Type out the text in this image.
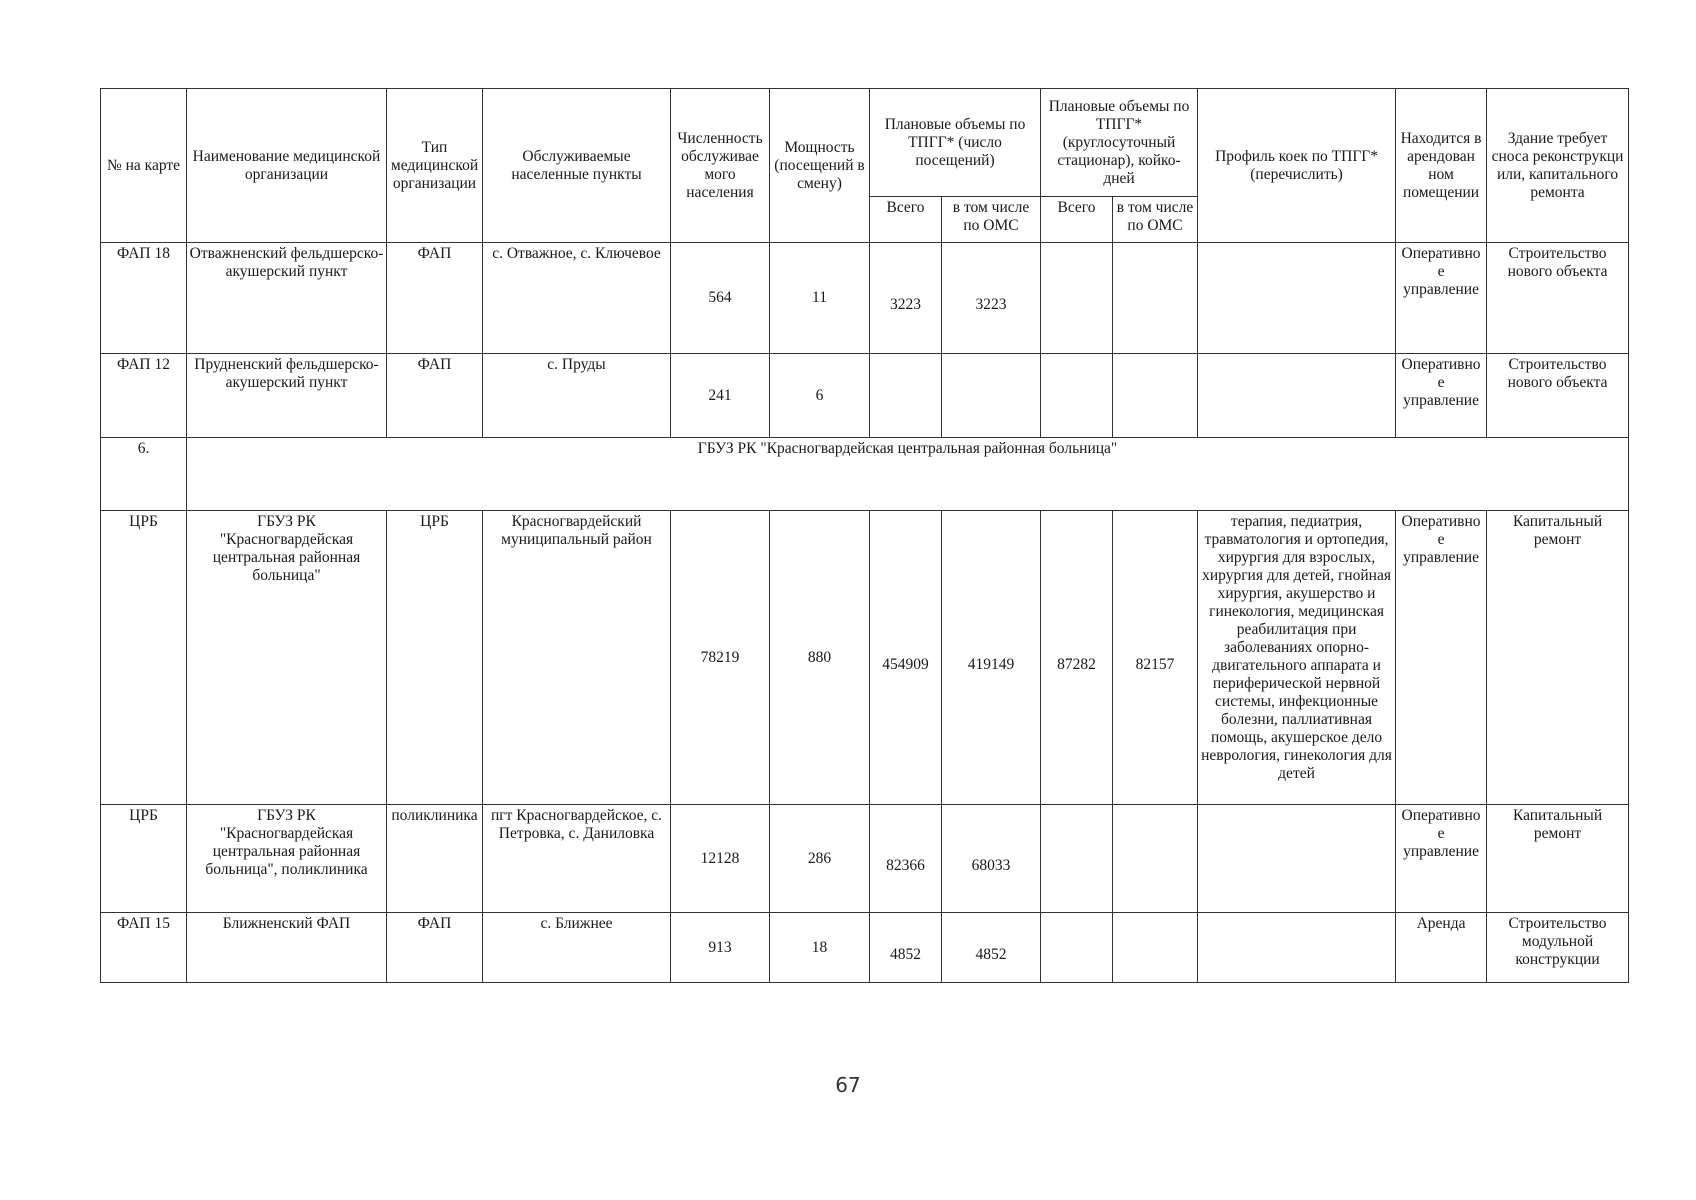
№ на карте	Наименование медицинской организации	Тип медицинской организации	Обслуживаемые населенные пункты	Численность обслуживае мого населения	Мощность (посещений в смену)	Плановые объемы по ТПГГ* (число посещений)		Плановые объемы по ТПГГ* (круглосуточный стационар), койко-дней		Профиль коек по ТПГГ* (перечислить)	Находится в арендован ном помещении	Здание требует сноса реконструкци или, капитального ремонта
						Всего	в том числе по ОМС	Всего	в том числе по ОМС			
ФАП 18	Отважненский фельдшерско-акушерский пункт	ФАП	с. Отважное, с. Ключевое	564	11	3223	3223				Оперативное управление	Строительство нового объекта
ФАП 12	Прудненский фельдшерско-акушерский пункт	ФАП	с. Пруды	241	6						Оперативное управление	Строительство нового объекта
6.	ГБУЗ РК "Красногвардейская центральная районная больница"											
ЦРБ	ГБУЗ РК "Красногвардейская центральная районная больница"	ЦРБ	Красногвардейский муниципальный район	78219	880	454909	419149	87282	82157	терапия, педиатрия, травматология и ортопедия, хирургия для взрослых, хирургия для детей, гнойная хирургия, акушерство и гинекология, медицинская реабилитация при заболеваниях опорно-двигательного аппарата и периферической нервной системы, инфекционные болезни, паллиативная помощь, акушерское дело неврология, гинекология для детей	Оперативное управление	Капитальный ремонт
ЦРБ	ГБУЗ РК "Красногвардейская центральная районная больница", поликлиника	поликлиника	пгт Красногвардейское, с. Петровка, с. Даниловка	12128	286	82366	68033				Оперативное управление	Капитальный ремонт
ФАП 15	Ближненский ФАП	ФАП	с. Ближнее	913	18	4852	4852				Аренда	Строительство модульной конструкции
67
